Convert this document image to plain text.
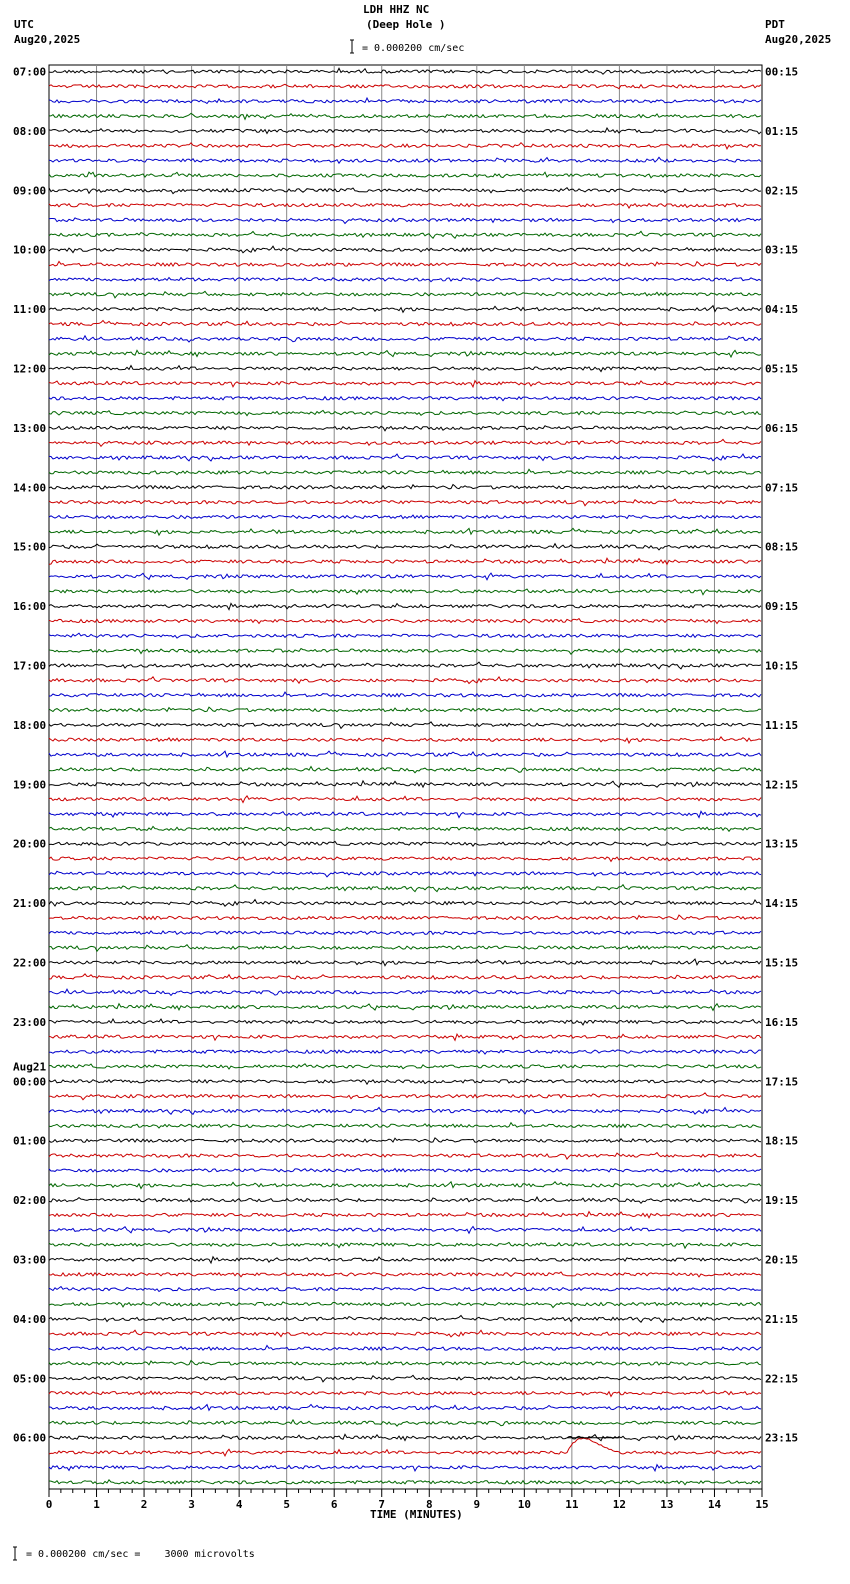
LDH HHZ NC
(Deep Hole )
UTC
Aug20,2025
PDT
Aug20,2025
= 0.000200 cm/sec
TIME (MINUTES)
= 0.000200 cm/sec =    3000 microvolts
07:00	00:15
08:00	01:15
09:00	02:15
10:00	03:15
11:00	04:15
12:00	05:15
13:00	06:15
14:00	07:15
15:00	08:15
16:00	09:15
17:00	10:15
18:00	11:15
19:00	12:15
20:00	13:15
21:00	14:15
22:00	15:15
23:00	16:15
00:00	17:15
01:00	18:15
02:00	19:15
03:00	20:15
04:00	21:15
05:00	22:15
06:00	23:15
Aug21
0	1	2	3	4	5	6	7	8	9	10	11	12	13	14	15
